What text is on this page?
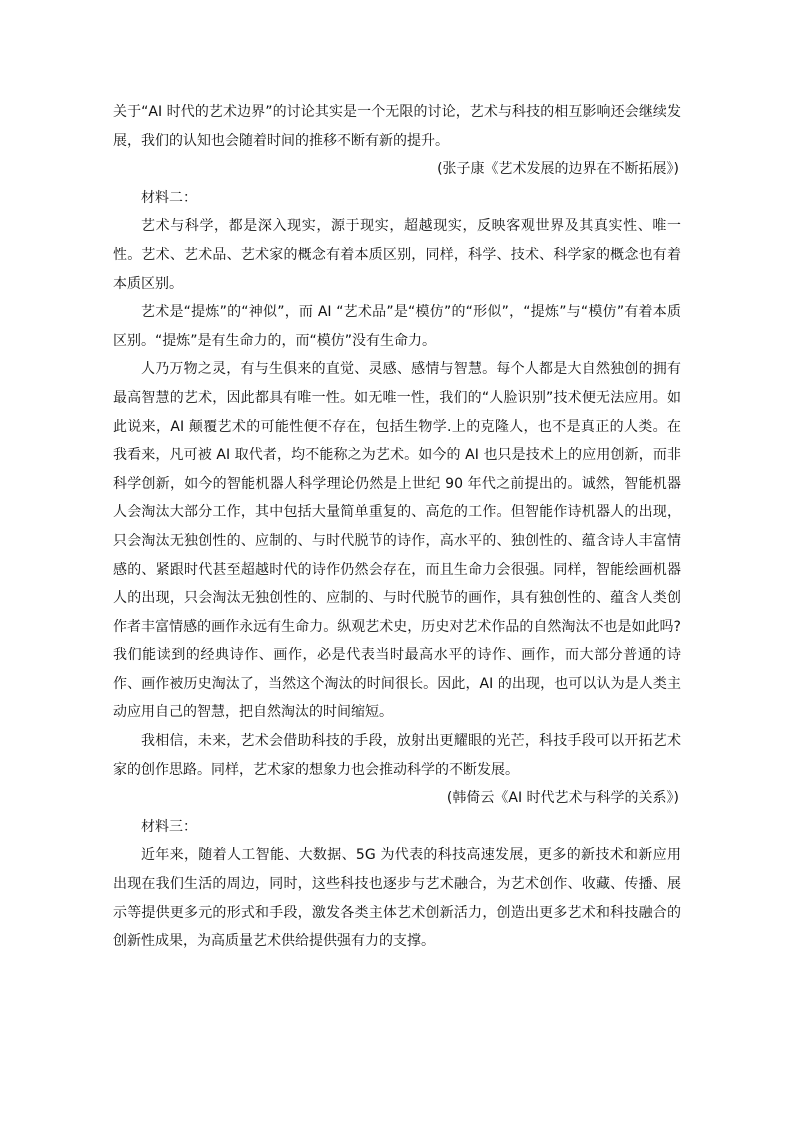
关于“AI 时代的艺术边界”的讨论其实是一个无限的讨论，艺术与科技的相互影响还会继续发展，我们的认知也会随着时间的推移不断有新的提升。

(张子康《艺术发展的边界在不断拓展》)

材料二：

艺术与科学，都是深入现实，源于现实，超越现实，反映客观世界及其真实性、唯一性。艺术、艺术品、艺术家的概念有着本质区别，同样，科学、技术、科学家的概念也有着本质区别。

艺术是“提炼”的“神似”，而 AI “艺术品”是“模仿”的“形似”，“提炼”与“模仿”有着本质区别。“提炼”是有生命力的，而“模仿”没有生命力。

人乃万物之灵，有与生俱来的直觉、灵感、感情与智慧。每个人都是大自然独创的拥有最高智慧的艺术，因此都具有唯一性。如无唯一性，我们的“人脸识别”技术便无法应用。如此说来，AI 颠覆艺术的可能性便不存在，包括生物学.上的克隆人，也不是真正的人类。在我看来，凡可被 AI 取代者，均不能称之为艺术。如今的 AI 也只是技术上的应用创新，而非科学创新，如今的智能机器人科学理论仍然是上世纪 90 年代之前提出的。诚然，智能机器人会淘汰大部分工作，其中包括大量简单重复的、高危的工作。但智能作诗机器人的出现，只会淘汰无独创性的、应制的、与时代脱节的诗作，高水平的、独创性的、蕴含诗人丰富情感的、紧跟时代甚至超越时代的诗作仍然会存在，而且生命力会很强。同样，智能绘画机器人的出现，只会淘汰无独创性的、应制的、与时代脱节的画作，具有独创性的、蕴含人类创作者丰富情感的画作永远有生命力。纵观艺术史，历史对艺术作品的自然淘汰不也是如此吗?我们能读到的经典诗作、画作，必是代表当时最高水平的诗作、画作，而大部分普通的诗作、画作被历史淘汰了，当然这个淘汰的时间很长。因此，AI 的出现，也可以认为是人类主动应用自己的智慧，把自然淘汰的时间缩短。

我相信，未来，艺术会借助科技的手段，放射出更耀眼的光芒，科技手段可以开拓艺术家的创作思路。同样，艺术家的想象力也会推动科学的不断发展。

(韩倚云《AI 时代艺术与科学的关系》)

材料三：

近年来，随着人工智能、大数据、5G 为代表的科技高速发展，更多的新技术和新应用出现在我们生活的周边，同时，这些科技也逐步与艺术融合，为艺术创作、收藏、传播、展示等提供更多元的形式和手段，激发各类主体艺术创新活力，创造出更多艺术和科技融合的创新性成果，为高质量艺术供给提供强有力的支撑。
